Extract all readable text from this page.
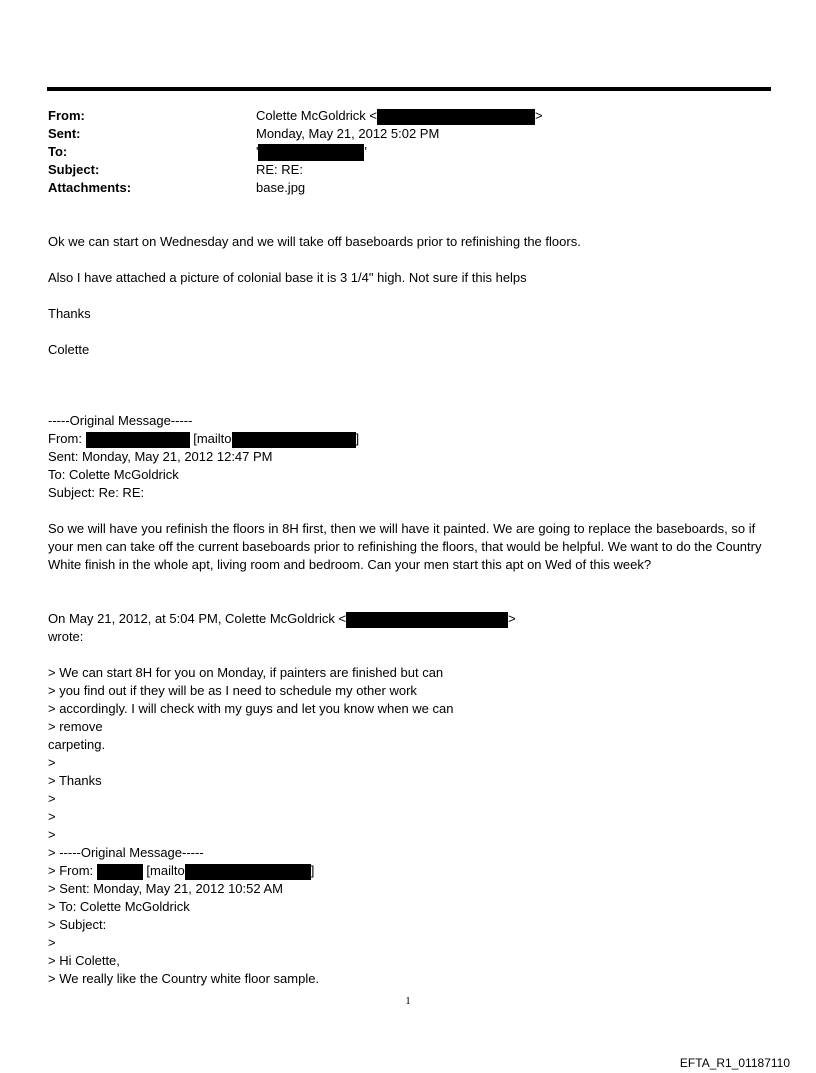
From:	Colette McGoldrick <	>
Sent:	Monday, May 21, 2012 5:02 PM
To:	'	'
Subject:	RE: RE:
Attachments:	base.jpg
Ok we can start on Wednesday and we will take off baseboards prior to refinishing the floors.
Also I have attached a picture of colonial base it is 3 1/4" high. Not sure if this helps
Thanks
Colette
-----Original Message-----
From:	[mailto	]
Sent: Monday, May 21, 2012 12:47 PM
To: Colette McGoldrick
Subject: Re: RE:
So we will have you refinish the floors in 8H first, then we will have it painted. We are going to replace the baseboards, so if your men can take off the current baseboards prior to refinishing the floors, that would be helpful. We want to do the Country White finish in the whole apt, living room and bedroom. Can your men start this apt on Wed of this week?
On May 21, 2012, at 5:04 PM, Colette McGoldrick <	>
wrote:
> We can start 8H for you on Monday, if painters are finished but can
> you find out if they will be as I need to schedule my other work
> accordingly. I will check with my guys and let you know when we can
> remove
carpeting.
>
> Thanks
>
>
>
> -----Original Message-----
> From:	[mailto	]
> Sent: Monday, May 21, 2012 10:52 AM
> To: Colette McGoldrick
> Subject:
>
> Hi Colette,
> We really like the Country white floor sample.
1
EFTA_R1_01187110
